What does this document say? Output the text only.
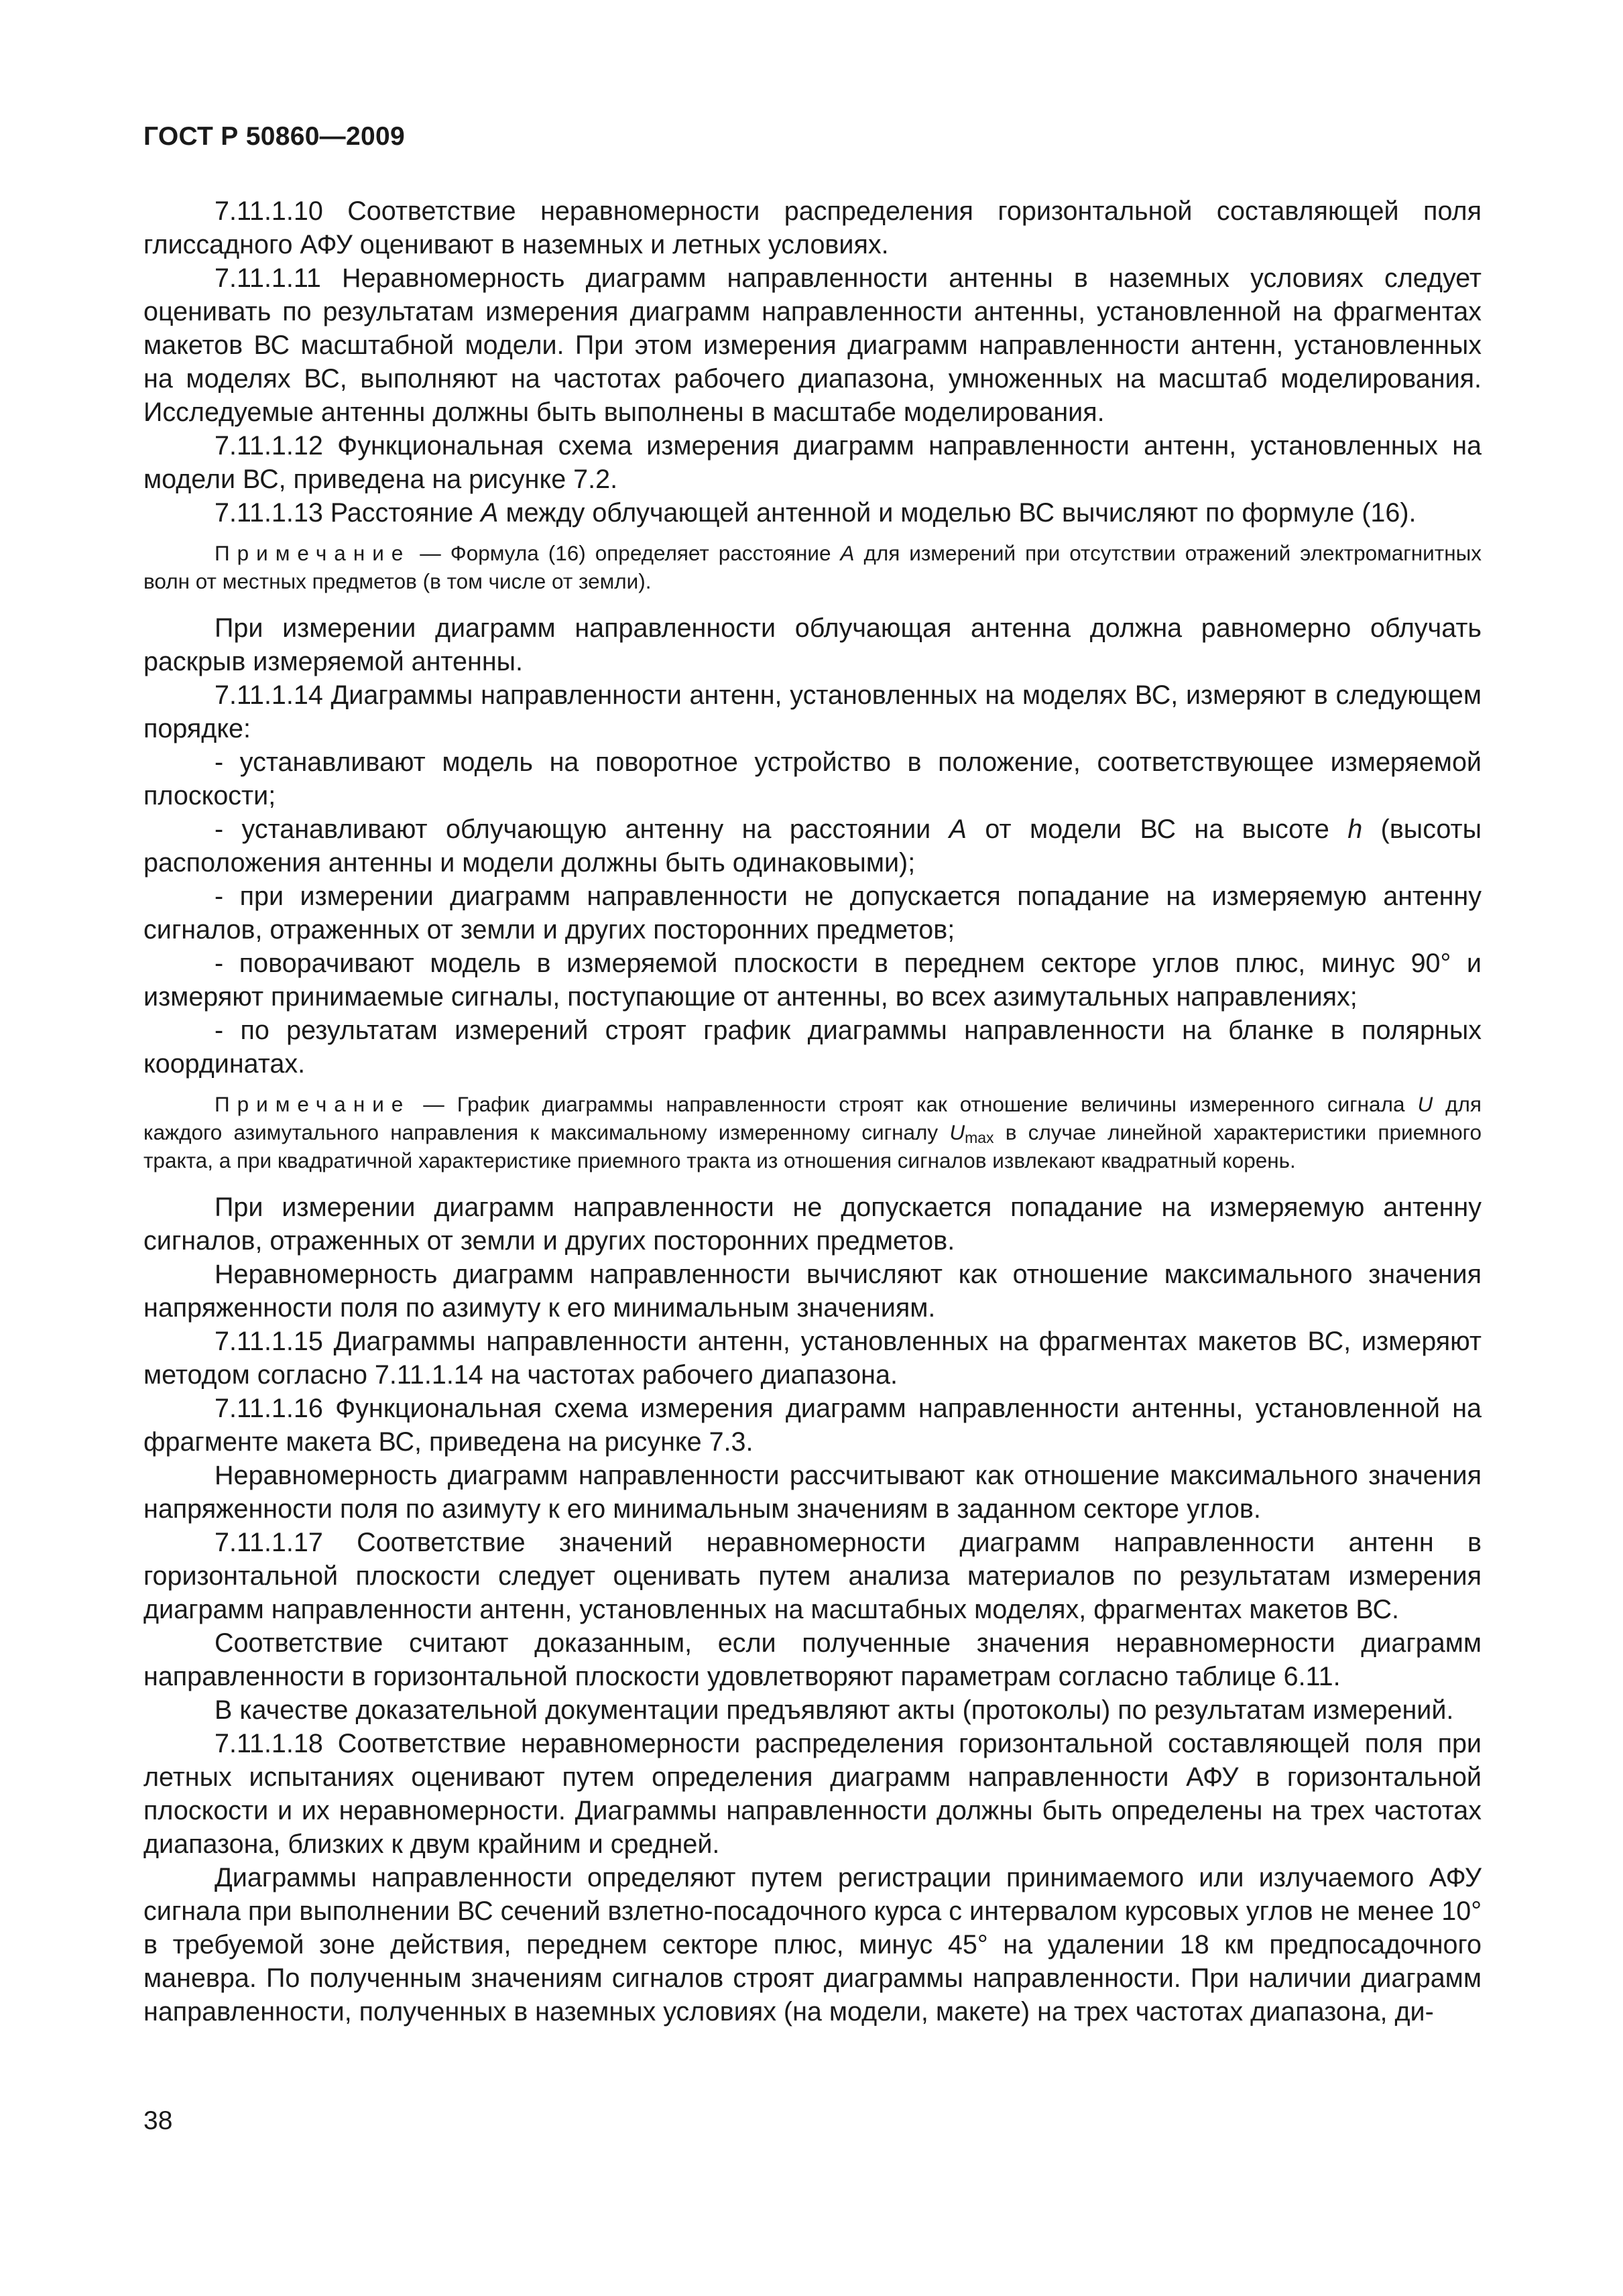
ГОСТ Р 50860—2009

7.11.1.10 Соответствие неравномерности распределения горизонтальной составляющей поля глиссадного АФУ оценивают в наземных и летных условиях.

7.11.1.11 Неравномерность диаграмм направленности антенны в наземных условиях следует оценивать по результатам измерения диаграмм направленности антенны, установленной на фрагментах макетов ВС масштабной модели. При этом измерения диаграмм направленности антенн, установленных на моделях ВС, выполняют на частотах рабочего диапазона, умноженных на масштаб моделирования. Исследуемые антенны должны быть выполнены в масштабе моделирования.

7.11.1.12 Функциональная схема измерения диаграмм направленности антенн, установленных на модели ВС, приведена на рисунке 7.2.

7.11.1.13 Расстояние А между облучающей антенной и моделью ВС вычисляют по формуле (16).

Примечание — Формула (16) определяет расстояние А для измерений при отсутствии отражений электромагнитных волн от местных предметов (в том числе от земли).

При измерении диаграмм направленности облучающая антенна должна равномерно облучать раскрыв измеряемой антенны.

7.11.1.14 Диаграммы направленности антенн, установленных на моделях ВС, измеряют в следующем порядке:

- устанавливают модель на поворотное устройство в положение, соответствующее измеряемой плоскости;

- устанавливают облучающую антенну на расстоянии А от модели ВС на высоте h (высоты расположения антенны и модели должны быть одинаковыми);

- при измерении диаграмм направленности не допускается попадание на измеряемую антенну сигналов, отраженных от земли и других посторонних предметов;

- поворачивают модель в измеряемой плоскости в переднем секторе углов плюс, минус 90° и измеряют принимаемые сигналы, поступающие от антенны, во всех азимутальных направлениях;

- по результатам измерений строят график диаграммы направленности на бланке в полярных координатах.

Примечание — График диаграммы направленности строят как отношение величины измеренного сигнала U для каждого азимутального направления к максимальному измеренному сигналу $U_{max}$ в случае линейной характеристики приемного тракта, а при квадратичной характеристике приемного тракта из отношения сигналов извлекают квадратный корень.

При измерении диаграмм направленности не допускается попадание на измеряемую антенну сигналов, отраженных от земли и других посторонних предметов.

Неравномерность диаграмм направленности вычисляют как отношение максимального значения напряженности поля по азимуту к его минимальным значениям.

7.11.1.15 Диаграммы направленности антенн, установленных на фрагментах макетов ВС, измеряют методом согласно 7.11.1.14 на частотах рабочего диапазона.

7.11.1.16 Функциональная схема измерения диаграмм направленности антенны, установленной на фрагменте макета ВС, приведена на рисунке 7.3.

Неравномерность диаграмм направленности рассчитывают как отношение максимального значения напряженности поля по азимуту к его минимальным значениям в заданном секторе углов.

7.11.1.17 Соответствие значений неравномерности диаграмм направленности антенн в горизонтальной плоскости следует оценивать путем анализа материалов по результатам измерения диаграмм направленности антенн, установленных на масштабных моделях, фрагментах макетов ВС.

Соответствие считают доказанным, если полученные значения неравномерности диаграмм направленности в горизонтальной плоскости удовлетворяют параметрам согласно таблице 6.11.

В качестве доказательной документации предъявляют акты (протоколы) по результатам измерений.

7.11.1.18 Соответствие неравномерности распределения горизонтальной составляющей поля при летных испытаниях оценивают путем определения диаграмм направленности АФУ в горизонтальной плоскости и их неравномерности. Диаграммы направленности должны быть определены на трех частотах диапазона, близких к двум крайним и средней.

Диаграммы направленности определяют путем регистрации принимаемого или излучаемого АФУ сигнала при выполнении ВС сечений взлетно-посадочного курса с интервалом курсовых углов не менее 10° в требуемой зоне действия, переднем секторе плюс, минус 45° на удалении 18 км предпосадочного маневра. По полученным значениям сигналов строят диаграммы направленности. При наличии диаграмм направленности, полученных в наземных условиях (на модели, макете) на трех частотах диапазона, ди-

38
